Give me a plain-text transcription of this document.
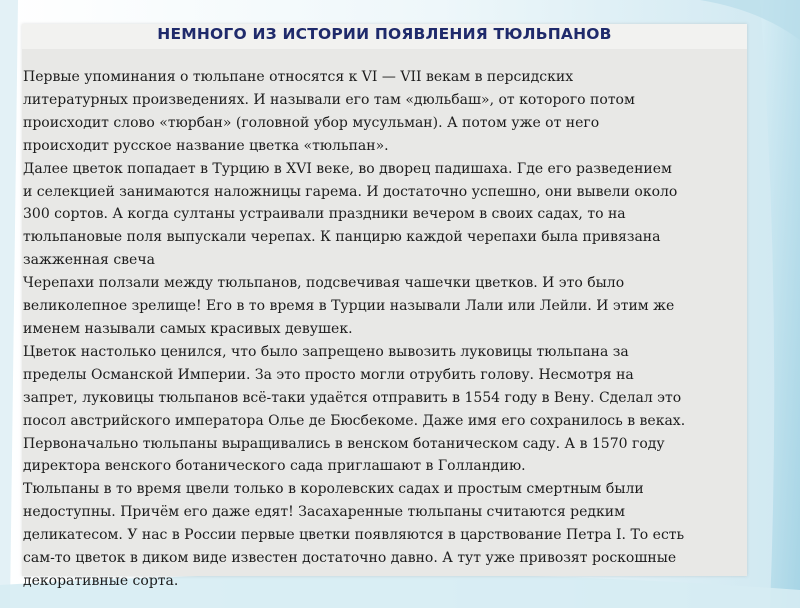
НЕМНОГО ИЗ ИСТОРИИ ПОЯВЛЕНИЯ ТЮЛЬПАНОВ

Первые упоминания о тюльпане относятся к VI — VII векам в персидских
литературных произведениях. И называли его там «дюльбаш», от которого потом
происходит слово «тюрбан» (головной убор мусульман). А потом уже от него
происходит русское название цветка «тюльпан».
Далее цветок попадает в Турцию в XVI веке, во дворец падишаха. Где его разведением
и селекцией занимаются наложницы гарема. И достаточно успешно, они вывели около
300 сортов. А когда султаны устраивали праздники вечером в своих садах, то на
тюльпановые поля выпускали черепах. К панцирю каждой черепахи была привязана
зажженная свеча
Черепахи ползали между тюльпанов, подсвечивая чашечки цветков. И это было
великолепное зрелище! Его в то время в Турции называли Лали или Лейли. И этим же
именем называли самых красивых девушек.
Цветок настолько ценился, что было запрещено вывозить луковицы тюльпана за
пределы Османской Империи. За это просто могли отрубить голову. Несмотря на
запрет, луковицы тюльпанов всё-таки удаётся отправить в 1554 году в Вену. Сделал это
посол австрийского императора Олье де Бюсбекоме. Даже имя его сохранилось в веках.
Первоначально тюльпаны выращивались в венском ботаническом саду. А в 1570 году
директора венского ботанического сада приглашают в Голландию.
Тюльпаны в то время цвели только в королевских садах и простым смертным были
недоступны. Причём его даже едят! Засахаренные тюльпаны считаются редким
деликатесом. У нас в России первые цветки появляются в царствование Петра I. То есть
сам-то цветок в диком виде известен достаточно давно. А тут уже привозят роскошные
декоративные сорта.
